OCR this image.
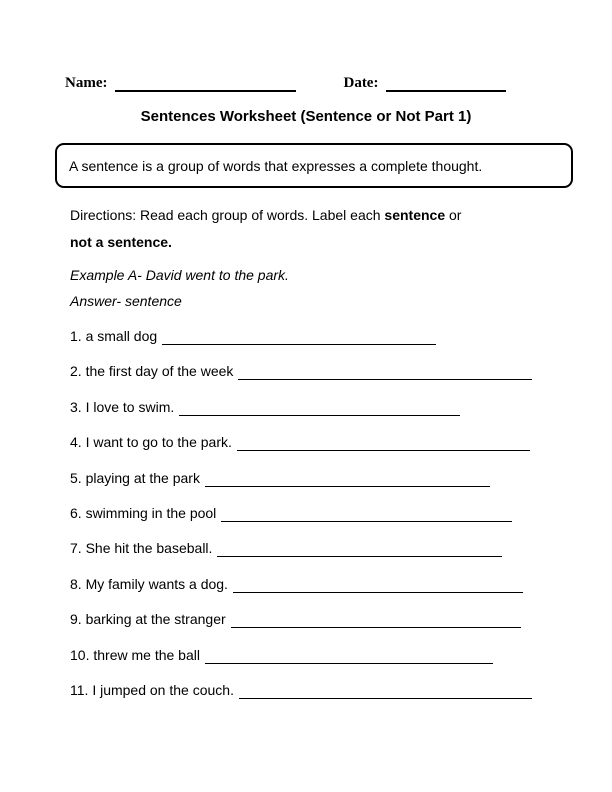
Name:	Date:
Sentences Worksheet (Sentence or Not Part 1)
A sentence is a group of words that expresses a complete thought.
Directions: Read each group of words. Label each sentence or
not a sentence.
Example A- David went to the park.
Answer- sentence
1. a small dog
2. the first day of the week
3. I love to swim.
4. I want to go to the park.
5. playing at the park
6. swimming in the pool
7. She hit the baseball.
8. My family wants a dog.
9. barking at the stranger
10. threw me the ball
11. I jumped on the couch.
